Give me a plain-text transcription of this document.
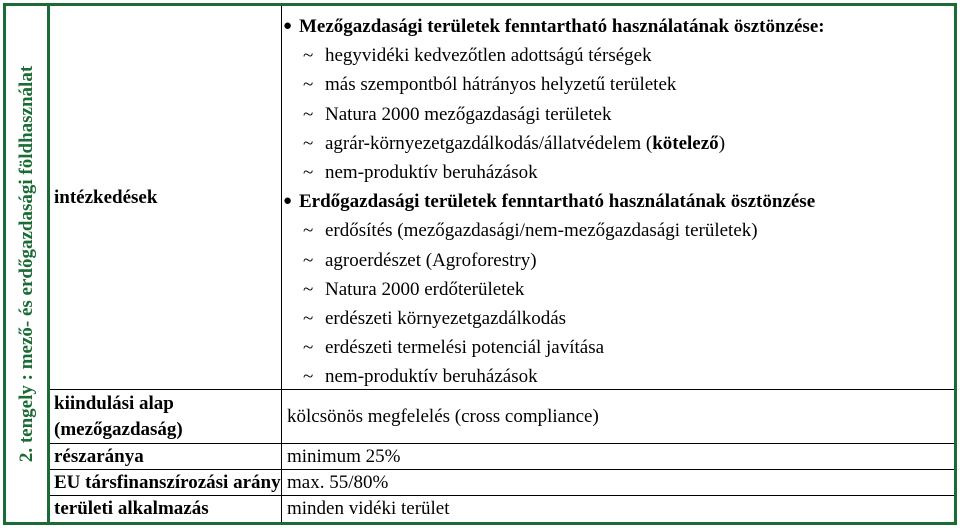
2. tengely : mező- és erdőgazdasági földhasználat intézkedések
● Mezőgazdasági területek fenntartható használatának ösztönzése:
~ hegyvidéki kedvezőtlen adottságú térségek
~ más szempontból hátrányos helyzetű területek
~ Natura 2000 mezőgazdasági területek
~ agrár-környezetgazdálkodás/állatvédelem (kötelező)
~ nem-produktív beruházások
● Erdőgazdasági területek fenntartható használatának ösztönzése
~ erdősítés (mezőgazdasági/nem-mezőgazdasági területek)
~ agroerdészet (Agroforestry)
~ Natura 2000 erdőterületek
~ erdészeti környezetgazdálkodás
~ erdészeti termelési potenciál javítása
~ nem-produktív beruházások
kiindulási alap
(mezőgazdaság)
kölcsönös megfelelés (cross compliance)
részaránya	minimum 25%
EU társfinanszírozási arány max. 55/80%
területi alkalmazás	minden vidéki terület
